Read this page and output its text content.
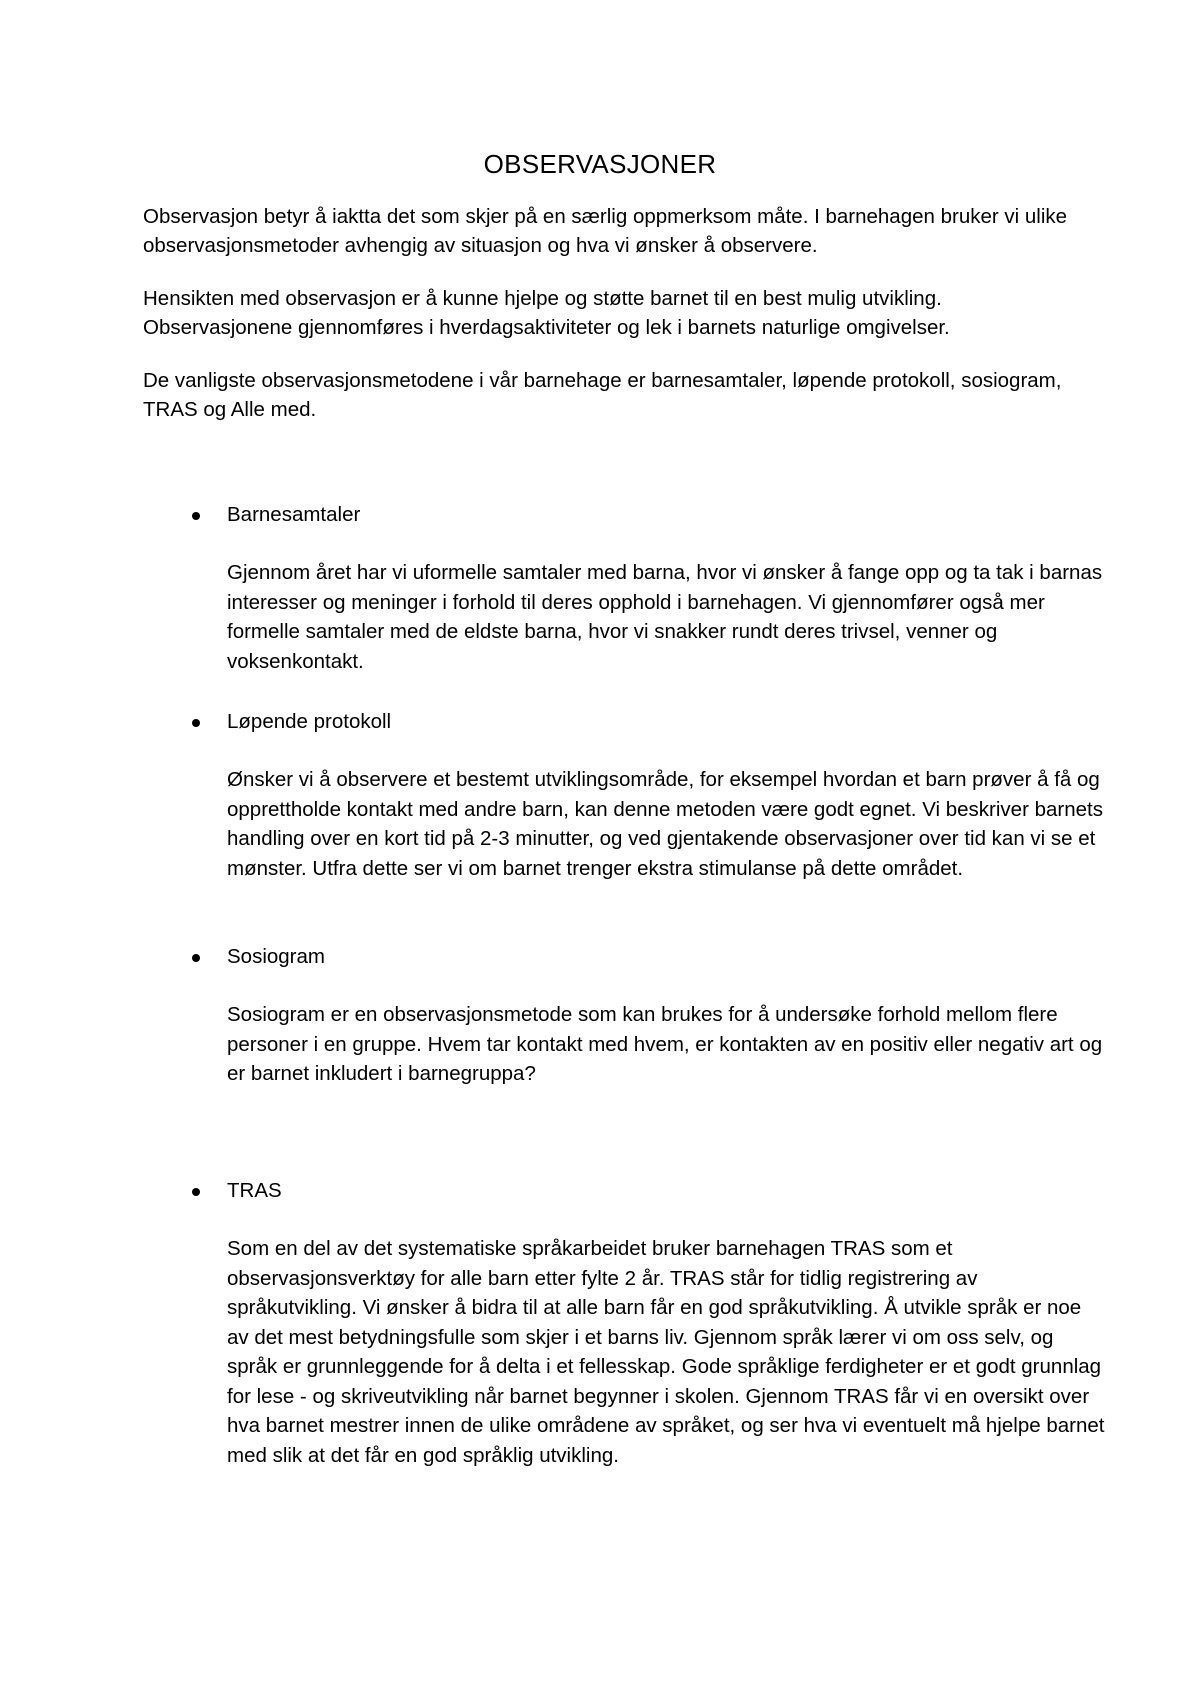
OBSERVASJONER

Observasjon betyr å iaktta det som skjer på en særlig oppmerksom måte. I barnehagen bruker vi ulike observasjonsmetoder avhengig av situasjon og hva vi ønsker å observere.

Hensikten med observasjon er å kunne hjelpe og støtte barnet til en best mulig utvikling. Observasjonene gjennomføres i hverdagsaktiviteter og lek i barnets naturlige omgivelser.

De vanligste observasjonsmetodene i vår barnehage er barnesamtaler, løpende protokoll, sosiogram, TRAS og Alle med.

Barnesamtaler

Gjennom året har vi uformelle samtaler med barna, hvor vi ønsker å fange opp og ta tak i barnas interesser og meninger i forhold til deres opphold i barnehagen. Vi gjennomfører også mer formelle samtaler med de eldste barna, hvor vi snakker rundt deres trivsel, venner og voksenkontakt.

Løpende protokoll

Ønsker vi å observere et bestemt utviklingsområde, for eksempel hvordan et barn prøver å få og opprettholde kontakt med andre barn, kan denne metoden være godt egnet. Vi beskriver barnets handling over en kort tid på 2-3 minutter, og ved gjentakende observasjoner over tid kan vi se et mønster. Utfra dette ser vi om barnet trenger ekstra stimulanse på dette området.

Sosiogram

Sosiogram er en observasjonsmetode som kan brukes for å undersøke forhold mellom flere personer i en gruppe. Hvem tar kontakt med hvem, er kontakten av en positiv eller negativ art og er barnet inkludert i barnegruppa?

TRAS

Som en del av det systematiske språkarbeidet bruker barnehagen TRAS som et observasjonsverktøy for alle barn etter fylte 2 år. TRAS står for tidlig registrering av språkutvikling. Vi ønsker å bidra til at alle barn får en god språkutvikling. Å utvikle språk er noe av det mest betydningsfulle som skjer i et barns liv. Gjennom språk lærer vi om oss selv, og språk er grunnleggende for å delta i et fellesskap. Gode språklige ferdigheter er et godt grunnlag for lese - og skriveutvikling når barnet begynner i skolen. Gjennom TRAS får vi en oversikt over hva barnet mestrer innen de ulike områdene av språket, og ser hva vi eventuelt må hjelpe barnet med slik at det får en god språklig utvikling.
